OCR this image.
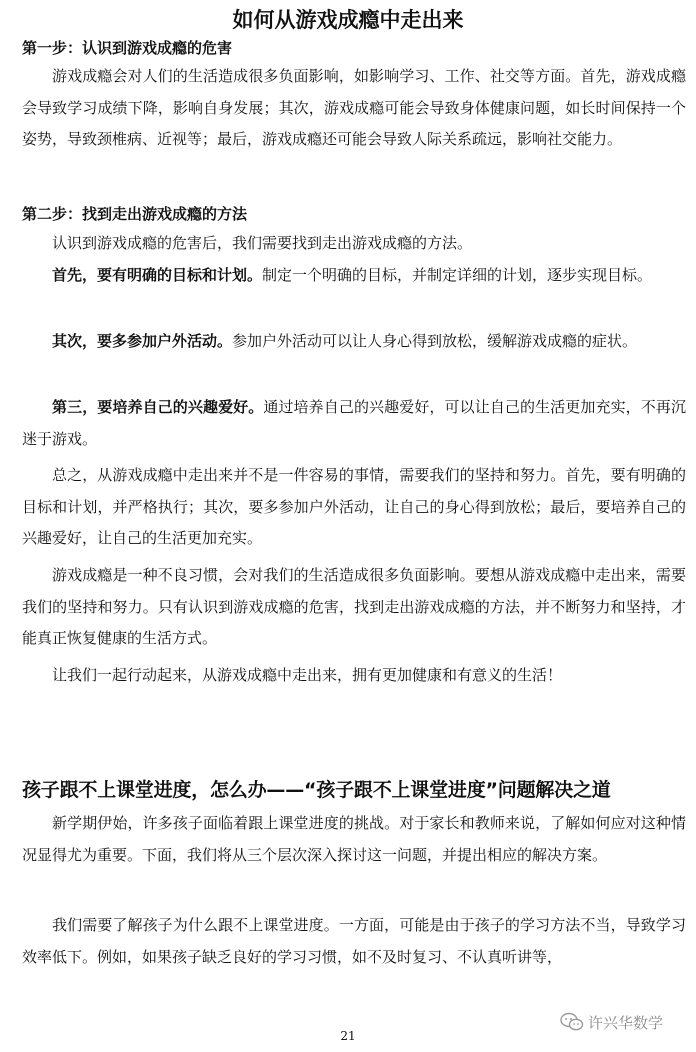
如何从游戏成瘾中走出来
第一步：认识到游戏成瘾的危害
游戏成瘾会对人们的生活造成很多负面影响，如影响学习、工作、社交等方面。首先，游戏成瘾会导致学习成绩下降，影响自身发展；其次，游戏成瘾可能会导致身体健康问题，如长时间保持一个姿势，导致颈椎病、近视等；最后，游戏成瘾还可能会导致人际关系疏远，影响社交能力。
第二步：找到走出游戏成瘾的方法
认识到游戏成瘾的危害后，我们需要找到走出游戏成瘾的方法。
首先，要有明确的目标和计划。制定一个明确的目标，并制定详细的计划，逐步实现目标。
其次，要多参加户外活动。参加户外活动可以让人身心得到放松，缓解游戏成瘾的症状。
第三，要培养自己的兴趣爱好。通过培养自己的兴趣爱好，可以让自己的生活更加充实，不再沉迷于游戏。
总之，从游戏成瘾中走出来并不是一件容易的事情，需要我们的坚持和努力。首先，要有明确的目标和计划，并严格执行；其次，要多参加户外活动，让自己的身心得到放松；最后，要培养自己的兴趣爱好，让自己的生活更加充实。
游戏成瘾是一种不良习惯，会对我们的生活造成很多负面影响。要想从游戏成瘾中走出来，需要我们的坚持和努力。只有认识到游戏成瘾的危害，找到走出游戏成瘾的方法，并不断努力和坚持，才能真正恢复健康的生活方式。
让我们一起行动起来，从游戏成瘾中走出来，拥有更加健康和有意义的生活！
孩子跟不上课堂进度，怎么办——“孩子跟不上课堂进度”问题解决之道
新学期伊始，许多孩子面临着跟上课堂进度的挑战。对于家长和教师来说，了解如何应对这种情况显得尤为重要。下面，我们将从三个层次深入探讨这一问题，并提出相应的解决方案。
我们需要了解孩子为什么跟不上课堂进度。一方面，可能是由于孩子的学习方法不当，导致学习效率低下。例如，如果孩子缺乏良好的学习习惯，如不及时复习、不认真听讲等，
许兴华数学
21
